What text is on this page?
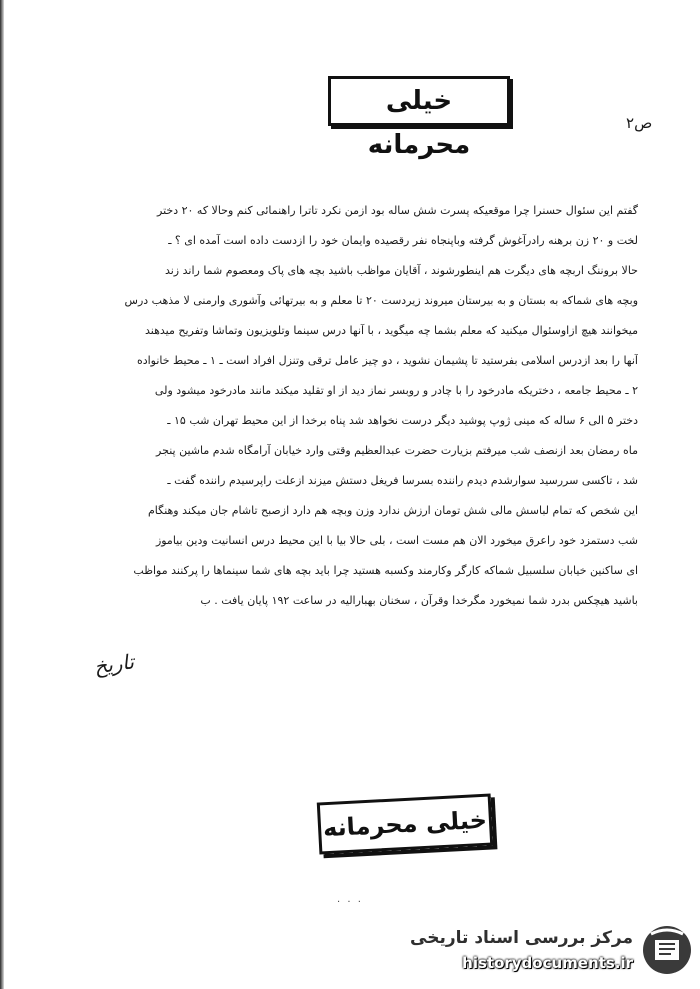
خیلی محرمانه
ص۲
گفتم این سئوال حسنرا چرا موقعیکه پسرت شش ساله بود ازمن نکرد تاترا راهنمائی کنم وحالا که ۲۰ دختر
لخت و ۲۰ زن برهنه رادرآغوش گرفته وباپنجاه نفر رقصیده وایمان خود را ازدست داده است آمده ای ؟ ـ
حالا بروننگ اربچه های دیگرت هم اینطورشوند ، آقایان مواظب باشید بچه های پاک ومعصوم شما راند زند
وبچه های شماکه به بستان و به بیرستان میروند زیردست ۲۰ تا معلم و به بیرتهائی وآشوری وارمنی لا مذهب درس
میخوانند هیچ ازاوسئوال میکنید که معلم بشما چه میگوید ، با آنها درس سینما وتلویزیون وتماشا وتفریح میدهند
آنها را بعد ازدرس اسلامی بفرستید تا پشیمان نشوید ، دو چیز عامل ترقی وتنزل افراد است ـ ۱ ـ محیط خانواده
۲ ـ محیط جامعه ، دختریکه مادرخود را با چادر و روبسر نماز دید از او تقلید میکند مانند مادرخود میشود ولی
دختر ۵ الی ۶ ساله که مینی ژوپ پوشید دیگر درست نخواهد شد پناه برخدا از این محیط تهران شب ۱۵ ـ
ماه رمضان بعد ازنصف شب میرفتم بزیارت حضرت عبدالعظیم وقتی وارد خیابان آرامگاه شدم ماشین پنجر
شد ، تاکسی سررسید سوارشدم دیدم راننده بسرسا فریغل دستش میزند ازعلت راپرسیدم راننده گفت ـ
این شخص که تمام لباسش مالی شش تومان ارزش ندارد وزن وبچه هم دارد ازصبح تاشام جان میکند وهنگام
شب دستمزد خود راعرق میخورد الان هم مست است ، بلی حالا بیا با این محیط درس انسانیت ودین بیاموز
ای ساکنین خیابان سلسبیل شماکه کارگر وکارمند وکسبه هستید چرا باید بچه های شما سینماها را پرکنند مواظب
باشید هیچکس بدرد شما نمیخورد مگرخدا وقرآن ، سخنان بهبارالیه در ساعت ۱۹۲ پایان یافت . ب
تاریخ
خیلی محرمانه
. . .
مرکز بررسی اسناد تاریخی
historydocuments.ir
